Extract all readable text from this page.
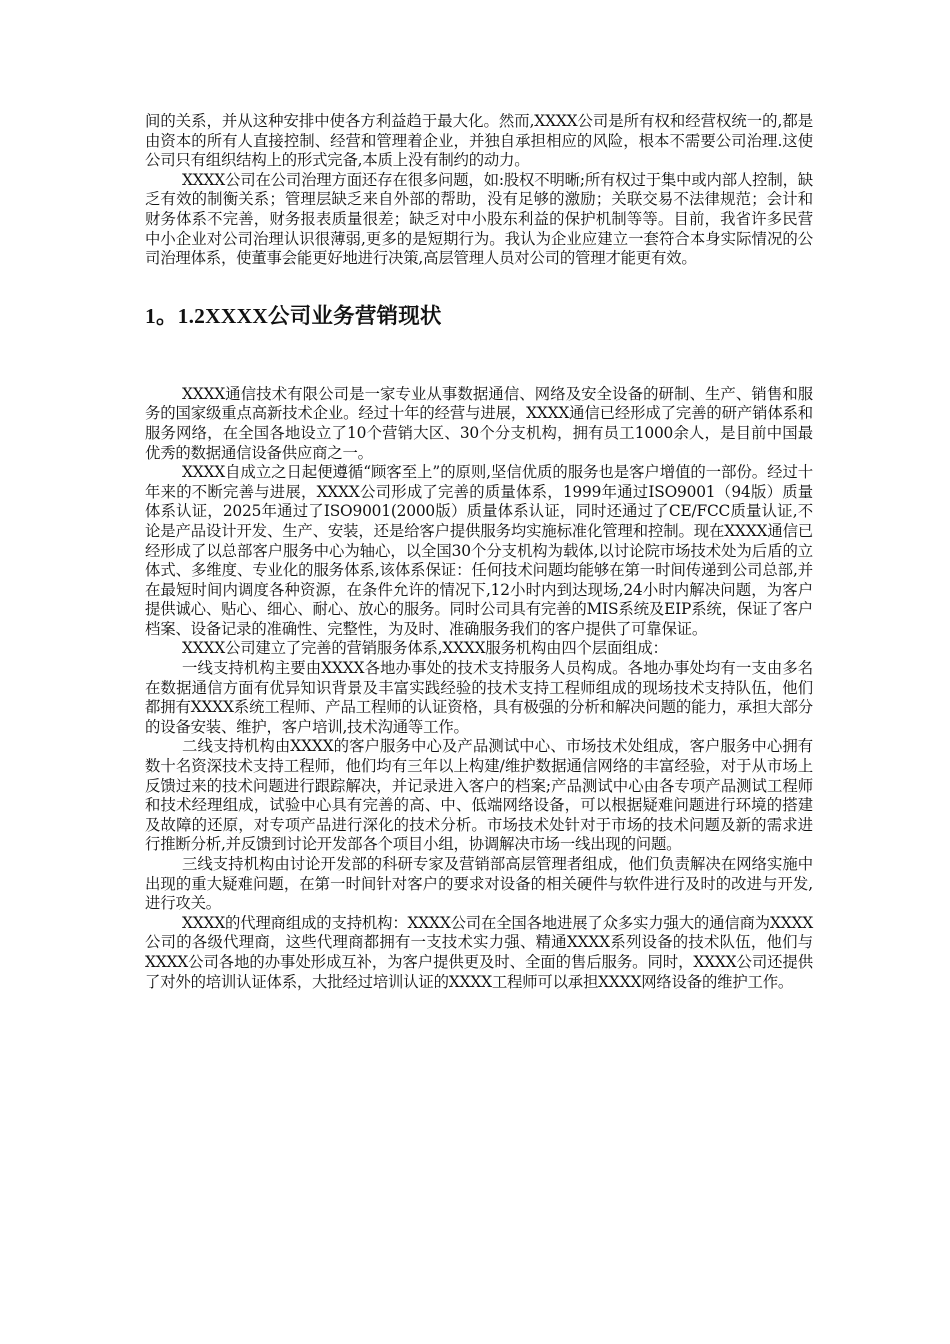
间的关系，并从这种安排中使各方利益趋于最大化。然而,XXXX公司是所有权和经营权统一的,都是由资本的所有人直接控制、经营和管理着企业，并独自承担相应的风险，根本不需要公司治理.这使公司只有组织结构上的形式完备,本质上没有制约的动力。

XXXX公司在公司治理方面还存在很多问题，如:股权不明晰;所有权过于集中或内部人控制，缺乏有效的制衡关系；管理层缺乏来自外部的帮助，没有足够的激励；关联交易不法律规范；会计和财务体系不完善，财务报表质量很差；缺乏对中小股东利益的保护机制等等。目前，我省许多民营中小企业对公司治理认识很薄弱,更多的是短期行为。我认为企业应建立一套符合本身实际情况的公司治理体系，使董事会能更好地进行决策,高层管理人员对公司的管理才能更有效。

1。1.2XXXX公司业务营销现状

XXXX通信技术有限公司是一家专业从事数据通信、网络及安全设备的研制、生产、销售和服务的国家级重点高新技术企业。经过十年的经营与进展，XXXX通信已经形成了完善的研产销体系和服务网络，在全国各地设立了10个营销大区、30个分支机构，拥有员工1000余人，是目前中国最优秀的数据通信设备供应商之一。

XXXX自成立之日起便遵循“顾客至上”的原则,坚信优质的服务也是客户增值的一部份。经过十年来的不断完善与进展，XXXX公司形成了完善的质量体系，1999年通过ISO9001（94版）质量体系认证，2025年通过了ISO9001(2000版）质量体系认证，同时还通过了CE/FCC质量认证,不论是产品设计开发、生产、安装，还是给客户提供服务均实施标准化管理和控制。现在XXXX通信已经形成了以总部客户服务中心为轴心，以全国30个分支机构为载体,以讨论院市场技术处为后盾的立体式、多维度、专业化的服务体系,该体系保证：任何技术问题均能够在第一时间传递到公司总部,并在最短时间内调度各种资源，在条件允许的情况下,12小时内到达现场,24小时内解决问题，为客户提供诚心、贴心、细心、耐心、放心的服务。同时公司具有完善的MIS系统及EIP系统，保证了客户档案、设备记录的准确性、完整性，为及时、准确服务我们的客户提供了可靠保证。

XXXX公司建立了完善的营销服务体系,XXXX服务机构由四个层面组成：

一线支持机构主要由XXXX各地办事处的技术支持服务人员构成。各地办事处均有一支由多名在数据通信方面有优异知识背景及丰富实践经验的技术支持工程师组成的现场技术支持队伍，他们都拥有XXXX系统工程师、产品工程师的认证资格，具有极强的分析和解决问题的能力，承担大部分的设备安装、维护，客户培训,技术沟通等工作。

二线支持机构由XXXX的客户服务中心及产品测试中心、市场技术处组成，客户服务中心拥有数十名资深技术支持工程师，他们均有三年以上构建/维护数据通信网络的丰富经验，对于从市场上反馈过来的技术问题进行跟踪解决，并记录进入客户的档案;产品测试中心由各专项产品测试工程师和技术经理组成，试验中心具有完善的高、中、低端网络设备，可以根据疑难问题进行环境的搭建及故障的还原，对专项产品进行深化的技术分析。市场技术处针对于市场的技术问题及新的需求进行推断分析,并反馈到讨论开发部各个项目小组，协调解决市场一线出现的问题。

三线支持机构由讨论开发部的科研专家及营销部高层管理者组成，他们负责解决在网络实施中出现的重大疑难问题，在第一时间针对客户的要求对设备的相关硬件与软件进行及时的改进与开发,进行攻关。

XXXX的代理商组成的支持机构：XXXX公司在全国各地进展了众多实力强大的通信商为XXXX公司的各级代理商，这些代理商都拥有一支技术实力强、精通XXXX系列设备的技术队伍，他们与XXXX公司各地的办事处形成互补，为客户提供更及时、全面的售后服务。同时，XXXX公司还提供了对外的培训认证体系，大批经过培训认证的XXXX工程师可以承担XXXX网络设备的维护工作。
